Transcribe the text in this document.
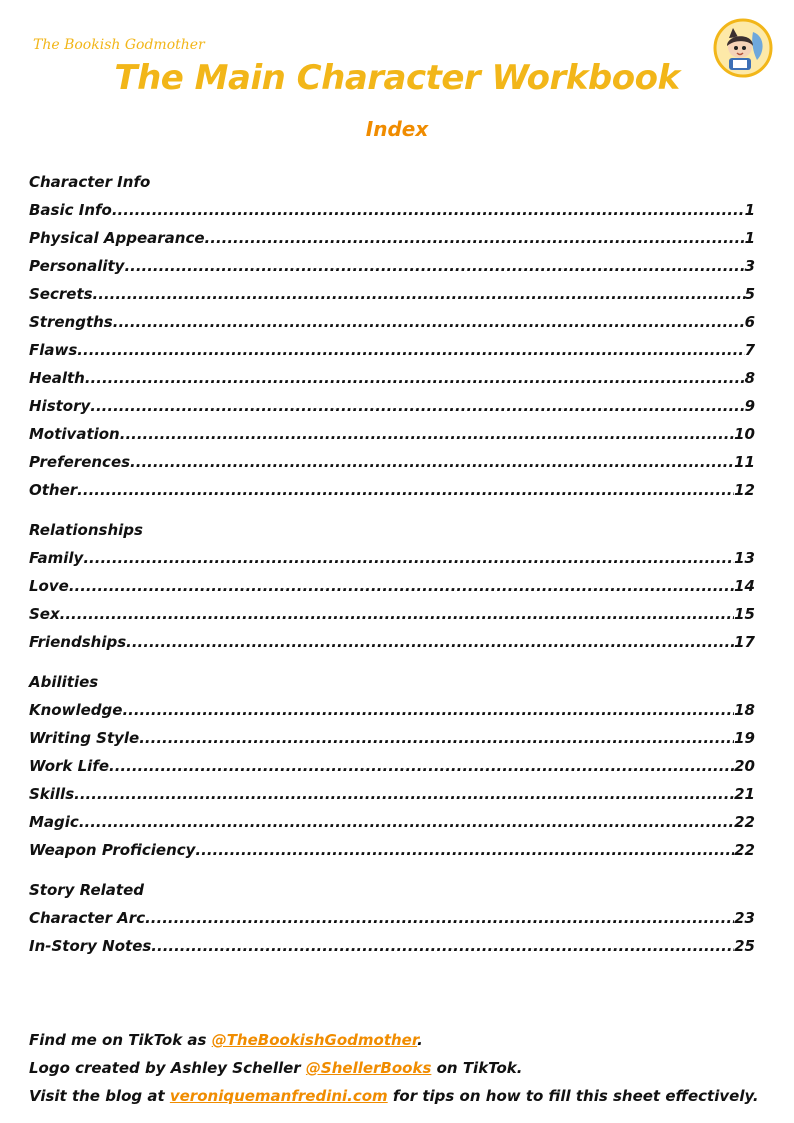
The Bookish Godmother
The Main Character Workbook
Index
Character Info
Basic Info .....	1
Physical Appearance .....	1
Personality .....	3
Secrets .....	5
Strengths .....	6
Flaws .....	7
Health .....	8
History .....	9
Motivation .....	10
Preferences .....	11
Other .....	12
Relationships
Family .....	13
Love .....	14
Sex .....	15
Friendships .....	17
Abilities
Knowledge .....	18
Writing Style .....	19
Work Life .....	20
Skills .....	21
Magic .....	22
Weapon Proficiency .....	22
Story Related
Character Arc .....	23
In-Story Notes .....	25
Find me on TikTok as @TheBookishGodmother.
Logo created by Ashley Scheller @ShellerBooks on TikTok.
Visit the blog at veroniquemanfredini.com for tips on how to fill this sheet effectively.
